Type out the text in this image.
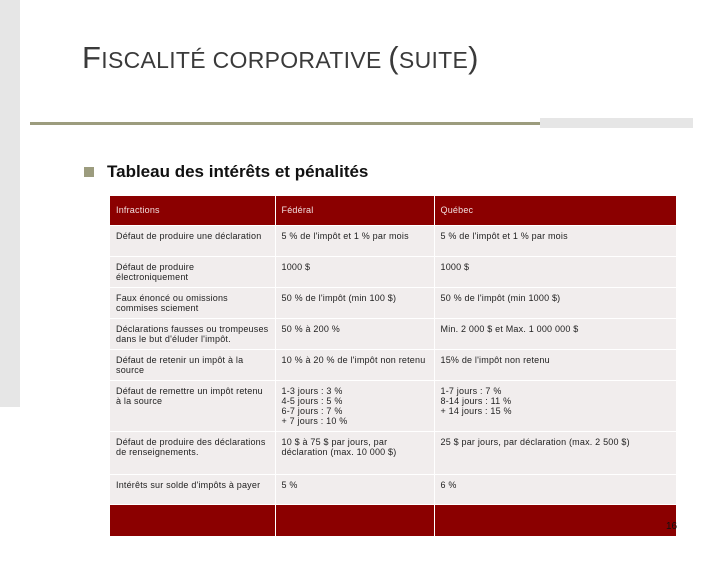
FISCALITÉ CORPORATIVE (SUITE)
Tableau des intérêts et pénalités
Infractions	Fédéral	Québec
Défaut de produire une déclaration	5 % de l'impôt et 1 % par mois	5 % de l'impôt et 1 % par mois
Défaut de produire électroniquement	1000 $	1000 $
Faux énoncé ou omissions commises sciement	50 % de l'impôt (min 100 $)	50 % de l'impôt (min 1000 $)
Déclarations fausses ou trompeuses dans le but d'éluder l'impôt.	50 % à 200 %	Min. 2 000 $ et Max. 1 000 000 $
Défaut de retenir un impôt à la source	10 % à 20 % de l'impôt non retenu	15% de l'impôt non retenu
Défaut de remettre un impôt retenu à la source	1-3 jours : 3 %
4-5 jours : 5 %
6-7 jours : 7 %
+ 7 jours : 10 %	1-7 jours : 7 %
8-14 jours : 11 %
+ 14 jours : 15 %
Défaut de produire des déclarations de renseignements.	10 $ à 75 $ par jours, par déclaration (max. 10 000 $)	25 $ par jours, par déclaration (max. 2 500 $)
Intérêts sur solde d'impôts à payer	5 %	6 %

16
